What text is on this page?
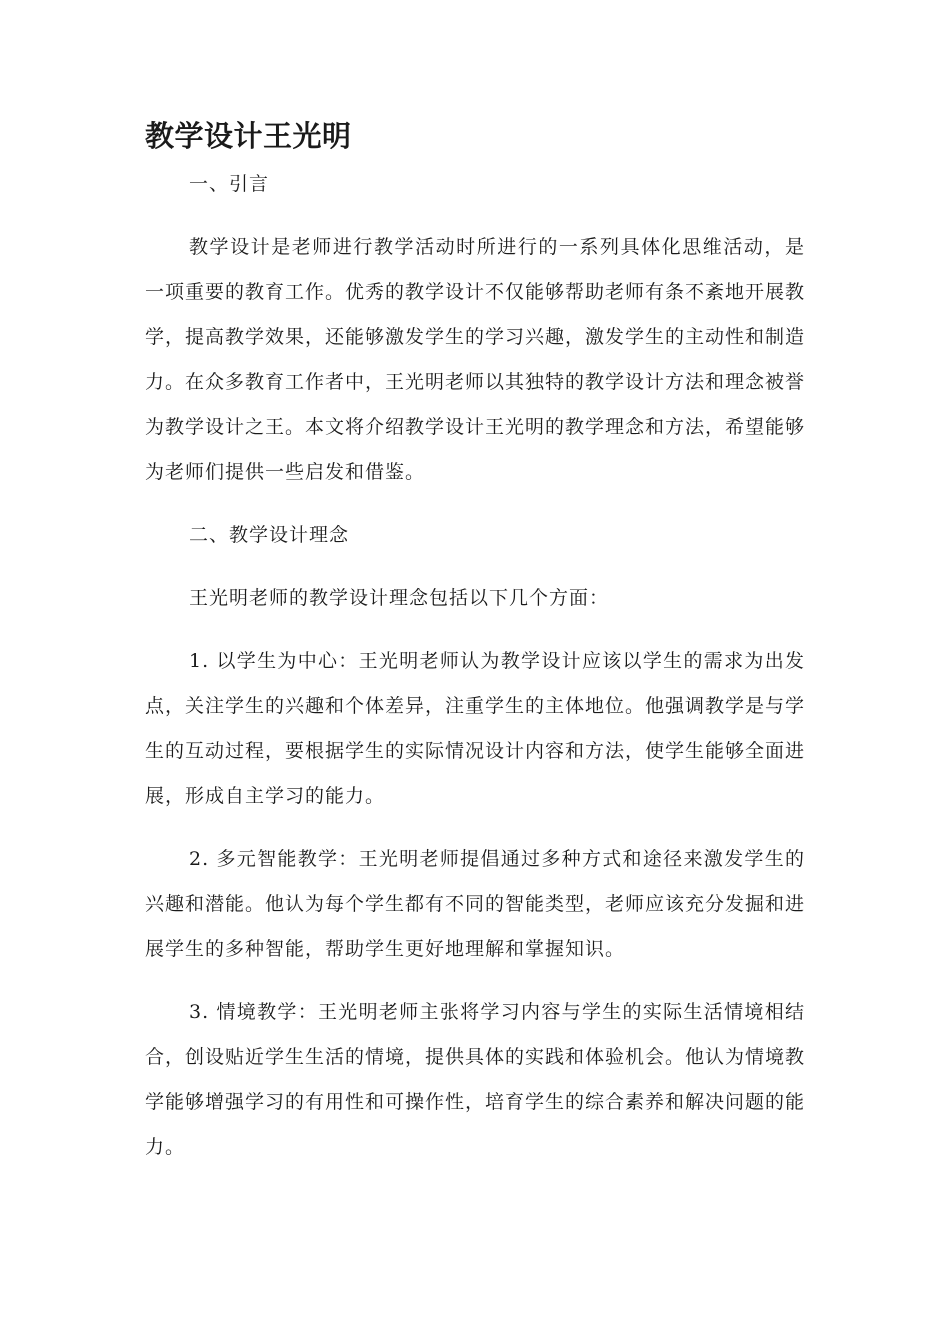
教学设计王光明

一、引言

教学设计是老师进行教学活动时所进行的一系列具体化思维活动，是一项重要的教育工作。优秀的教学设计不仅能够帮助老师有条不紊地开展教学，提高教学效果，还能够激发学生的学习兴趣，激发学生的主动性和制造力。在众多教育工作者中，王光明老师以其独特的教学设计方法和理念被誉为教学设计之王。本文将介绍教学设计王光明的教学理念和方法，希望能够为老师们提供一些启发和借鉴。

二、教学设计理念

王光明老师的教学设计理念包括以下几个方面：

1. 以学生为中心：王光明老师认为教学设计应该以学生的需求为出发点，关注学生的兴趣和个体差异，注重学生的主体地位。他强调教学是与学生的互动过程，要根据学生的实际情况设计内容和方法，使学生能够全面进展，形成自主学习的能力。

2. 多元智能教学：王光明老师提倡通过多种方式和途径来激发学生的兴趣和潜能。他认为每个学生都有不同的智能类型，老师应该充分发掘和进展学生的多种智能，帮助学生更好地理解和掌握知识。

3. 情境教学：王光明老师主张将学习内容与学生的实际生活情境相结合，创设贴近学生生活的情境，提供具体的实践和体验机会。他认为情境教学能够增强学习的有用性和可操作性，培育学生的综合素养和解决问题的能力。
